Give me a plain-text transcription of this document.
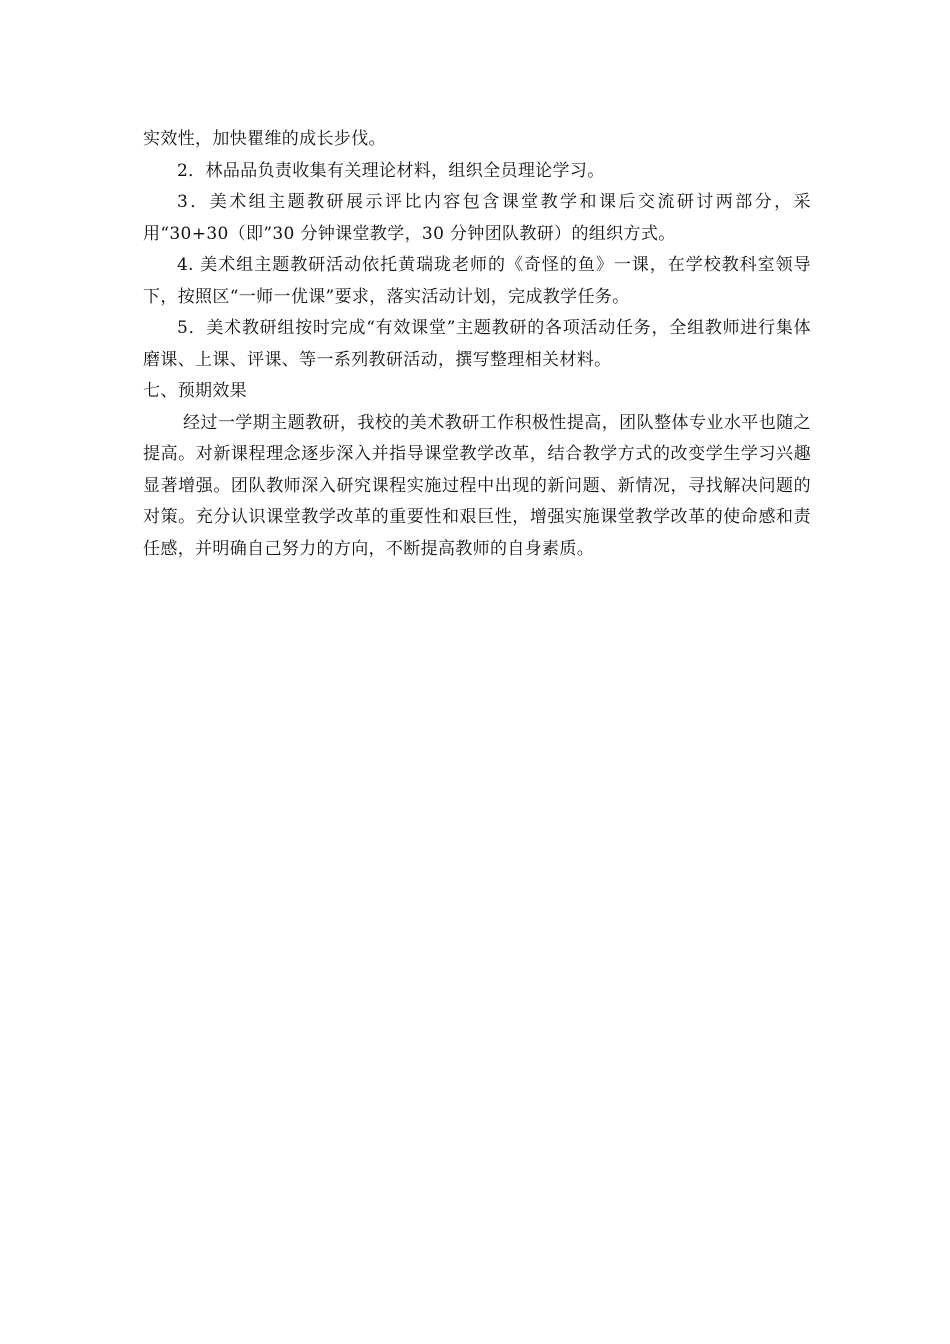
实效性，加快瞿维的成长步伐。

2．林品品负责收集有关理论材料，组织全员理论学习。

3．美术组主题教研展示评比内容包含课堂教学和课后交流研讨两部分，采用“30+30（即”30 分钟课堂教学，30 分钟团队教研）的组织方式。

4. 美术组主题教研活动依托黄瑞珑老师的《奇怪的鱼》一课，在学校教科室领导下，按照区“一师一优课”要求，落实活动计划，完成教学任务。

5．美术教研组按时完成“有效课堂”主题教研的各项活动任务，全组教师进行集体磨课、上课、评课、等一系列教研活动，撰写整理相关材料。

七、预期效果

经过一学期主题教研，我校的美术教研工作积极性提高，团队整体专业水平也随之提高。对新课程理念逐步深入并指导课堂教学改革，结合教学方式的改变学生学习兴趣显著增强。团队教师深入研究课程实施过程中出现的新问题、新情况，寻找解决问题的对策。充分认识课堂教学改革的重要性和艰巨性，增强实施课堂教学改革的使命感和责任感，并明确自己努力的方向，不断提高教师的自身素质。
